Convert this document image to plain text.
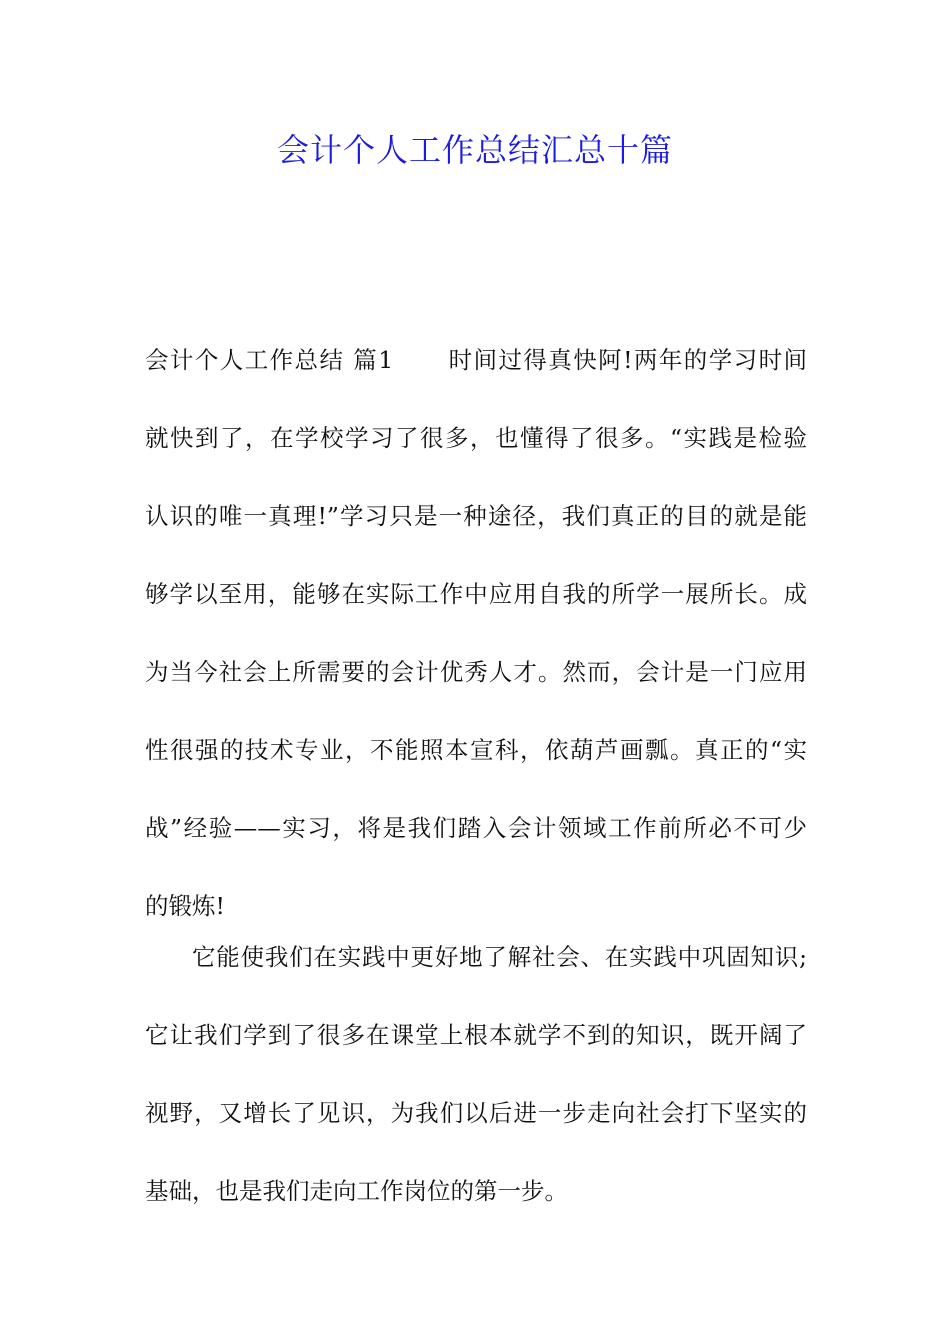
会计个人工作总结汇总十篇
会计个人工作总结 篇1 时间过得真快阿!两年的学习时间
就快到了，在学校学习了很多，也懂得了很多。“实践是检验
认识的唯一真理!”学习只是一种途径，我们真正的目的就是能
够学以至用，能够在实际工作中应用自我的所学一展所长。成
为当今社会上所需要的会计优秀人才。然而，会计是一门应用
性很强的技术专业，不能照本宣科，依葫芦画瓢。真正的“实
战”经验——实习，将是我们踏入会计领域工作前所必不可少
的锻炼!
它能使我们在实践中更好地了解社会、在实践中巩固知识;
它让我们学到了很多在课堂上根本就学不到的知识，既开阔了
视野，又增长了见识，为我们以后进一步走向社会打下坚实的
基础，也是我们走向工作岗位的第一步。
